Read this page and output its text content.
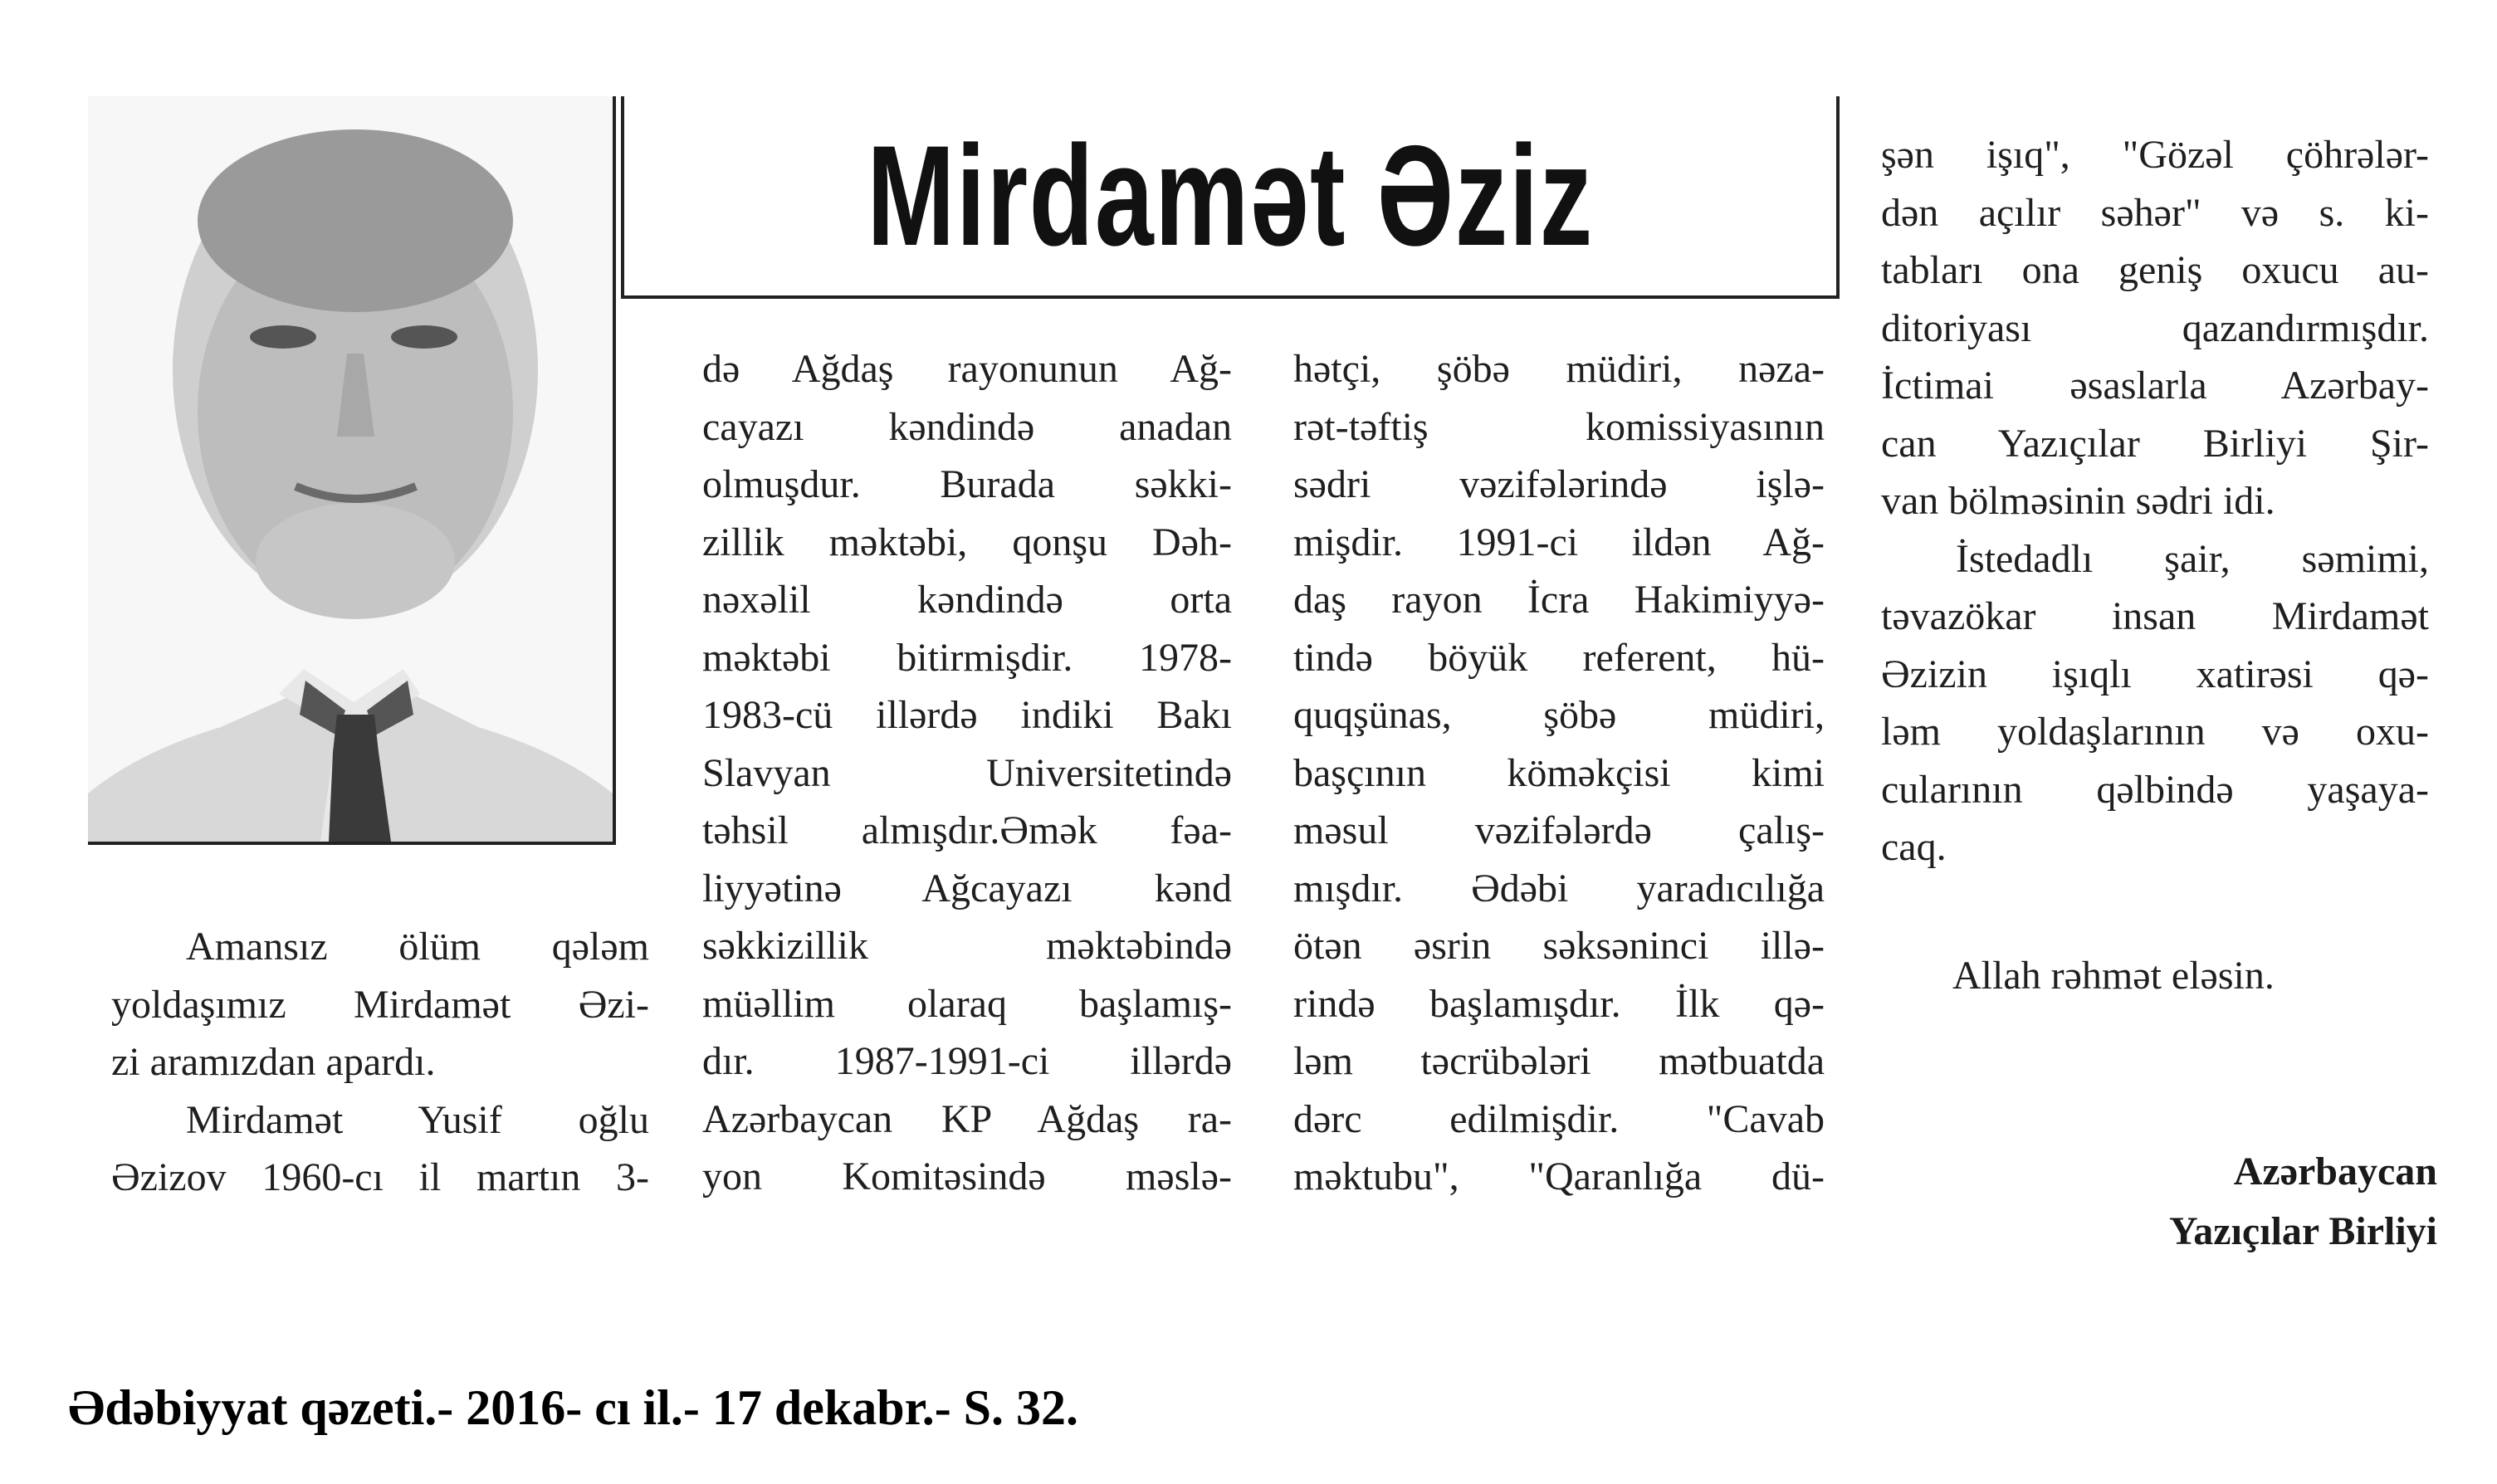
Mirdamət Əziz
Amansız ölüm qələm
yoldaşımız Mirdamət Əzi-
zi aramızdan apardı.
Mirdamət Yusif oğlu
Əzizov 1960-cı il martın 3-
də Ağdaş rayonunun Ağ-
cayazı kəndində anadan
olmuşdur. Burada səkki-
zillik məktəbi, qonşu Dəh-
nəxəlil kəndində orta
məktəbi bitirmişdir. 1978-
1983-cü illərdə indiki Bakı
Slavyan Universitetində
təhsil almışdır.Əmək fəa-
liyyətinə Ağcayazı kənd
səkkizillik məktəbində
müəllim olaraq başlamış-
dır. 1987-1991-ci illərdə
Azərbaycan KP Ağdaş ra-
yon Komitəsində məslə-
hətçi, şöbə müdiri, nəza-
rət-təftiş komissiyasının
sədri vəzifələrində işlə-
mişdir. 1991-ci ildən Ağ-
daş rayon İcra Hakimiyyə-
tində böyük referent, hü-
quqşünas, şöbə müdiri,
başçının köməkçisi kimi
məsul vəzifələrdə çalış-
mışdır. Ədəbi yaradıcılığa
ötən əsrin səksəninci illə-
rində başlamışdır. İlk qə-
ləm təcrübələri mətbuatda
dərc edilmişdir. "Cavab
məktubu", "Qaranlığa dü-
şən işıq", "Gözəl çöhrələr-
dən açılır səhər" və s. ki-
tabları ona geniş oxucu au-
ditoriyası qazandırmışdır.
İctimai əsaslarla Azərbay-
can Yazıçılar Birliyi Şir-
van bölməsinin sədri idi.
İstedadlı şair, səmimi,
təvazökar insan Mirdamət
Əzizin işıqlı xatirəsi qə-
ləm yoldaşlarının və oxu-
cularının qəlbində yaşaya-
caq.
Allah rəhmət eləsin.
Azərbaycan
Yazıçılar Birliyi
Ədəbiyyat qəzeti.- 2016- cı il.- 17 dekabr.- S. 32.
